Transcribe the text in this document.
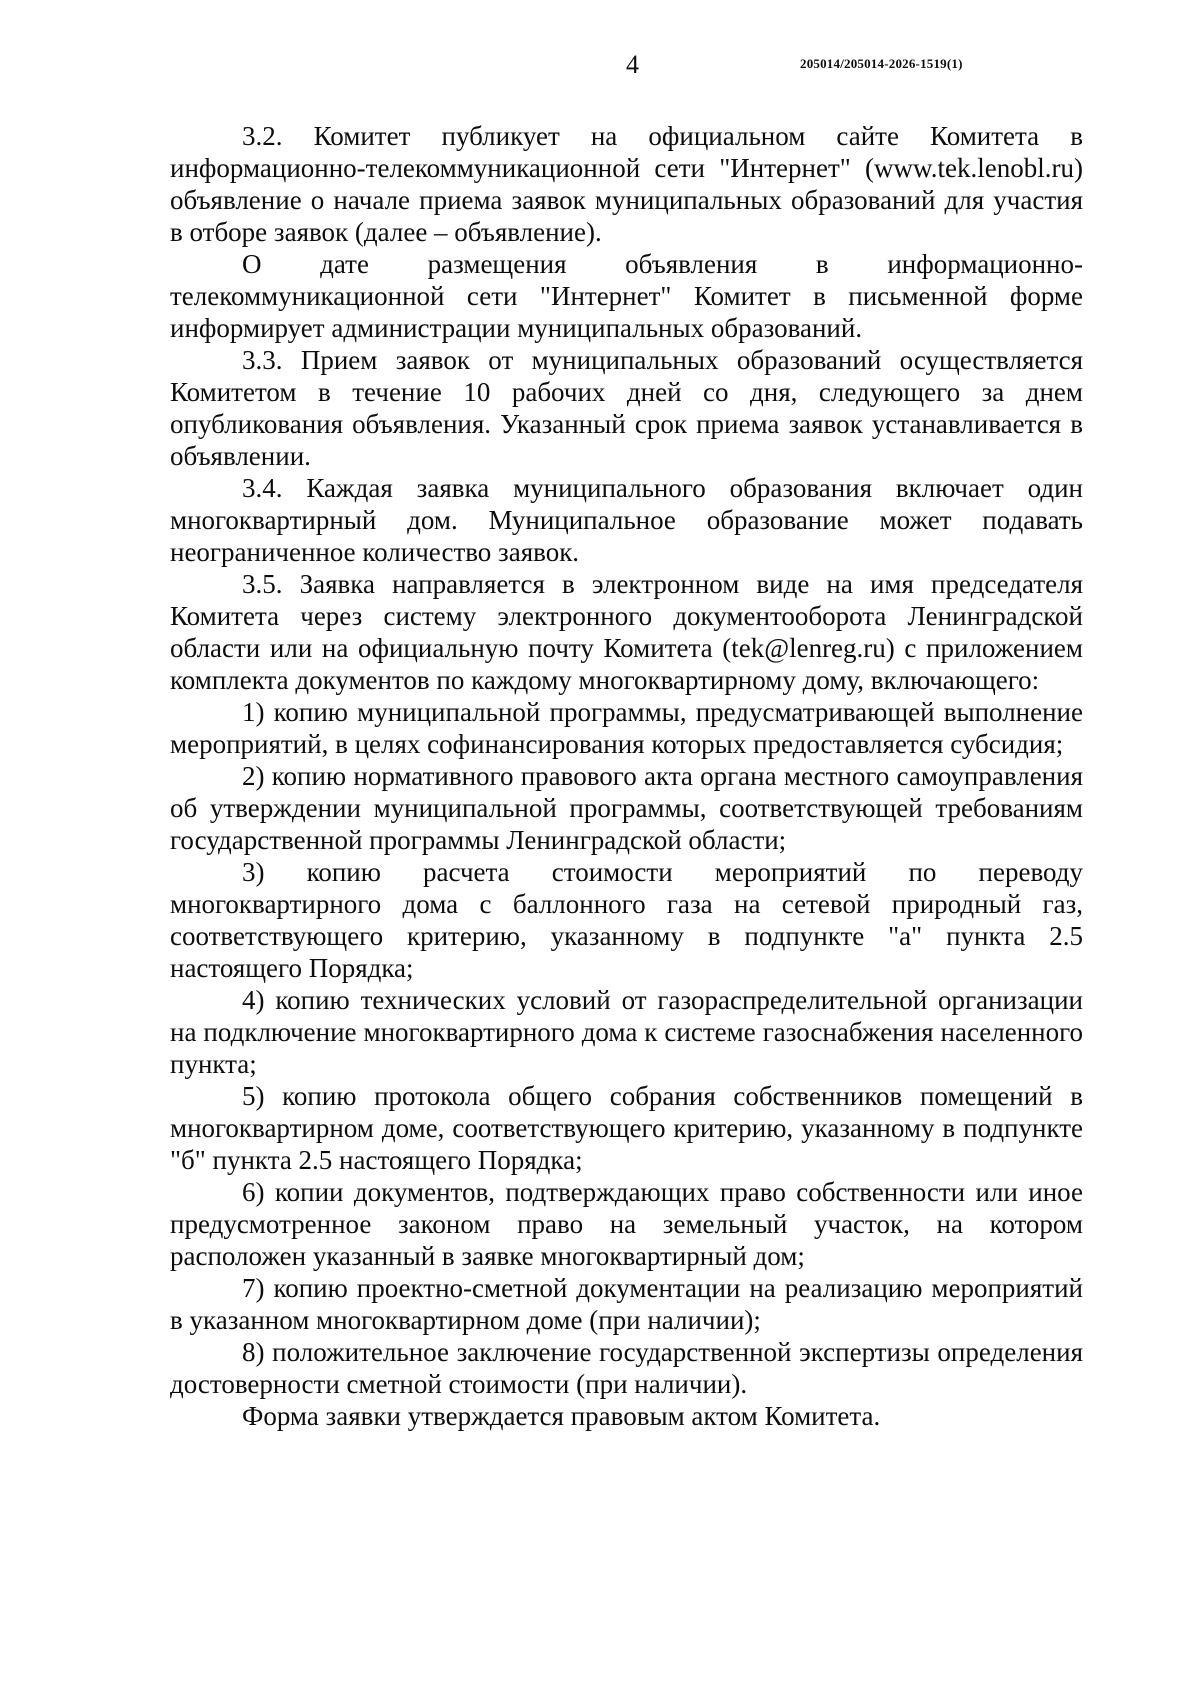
4	205014/205014-2026-1519(1)

3.2. Комитет публикует на официальном сайте Комитета в информационно-телекоммуникационной сети "Интернет" (www.tek.lenobl.ru) объявление о начале приема заявок муниципальных образований для участия в отборе заявок (далее – объявление).

О дате размещения объявления в информационно-телекоммуникационной сети "Интернет" Комитет в письменной форме информирует администрации муниципальных образований.

3.3. Прием заявок от муниципальных образований осуществляется Комитетом в течение 10 рабочих дней со дня, следующего за днем опубликования объявления. Указанный срок приема заявок устанавливается в объявлении.

3.4. Каждая заявка муниципального образования включает один многоквартирный дом. Муниципальное образование может подавать неограниченное количество заявок.

3.5. Заявка направляется в электронном виде на имя председателя Комитета через систему электронного документооборота Ленинградской области или на официальную почту Комитета (tek@lenreg.ru) с приложением комплекта документов по каждому многоквартирному дому, включающего:

1) копию муниципальной программы, предусматривающей выполнение мероприятий, в целях софинансирования которых предоставляется субсидия;

2) копию нормативного правового акта органа местного самоуправления об утверждении муниципальной программы, соответствующей требованиям государственной программы Ленинградской области;

3) копию расчета стоимости мероприятий по переводу многоквартирного дома с баллонного газа на сетевой природный газ, соответствующего критерию, указанному в подпункте "а" пункта 2.5 настоящего Порядка;

4) копию технических условий от газораспределительной организации на подключение многоквартирного дома к системе газоснабжения населенного пункта;

5) копию протокола общего собрания собственников помещений в многоквартирном доме, соответствующего критерию, указанному в подпункте "б" пункта 2.5 настоящего Порядка;

6) копии документов, подтверждающих право собственности или иное предусмотренное законом право на земельный участок, на котором расположен указанный в заявке многоквартирный дом;

7) копию проектно-сметной документации на реализацию мероприятий в указанном многоквартирном доме (при наличии);

8) положительное заключение государственной экспертизы определения достоверности сметной стоимости (при наличии).

Форма заявки утверждается правовым актом Комитета.
